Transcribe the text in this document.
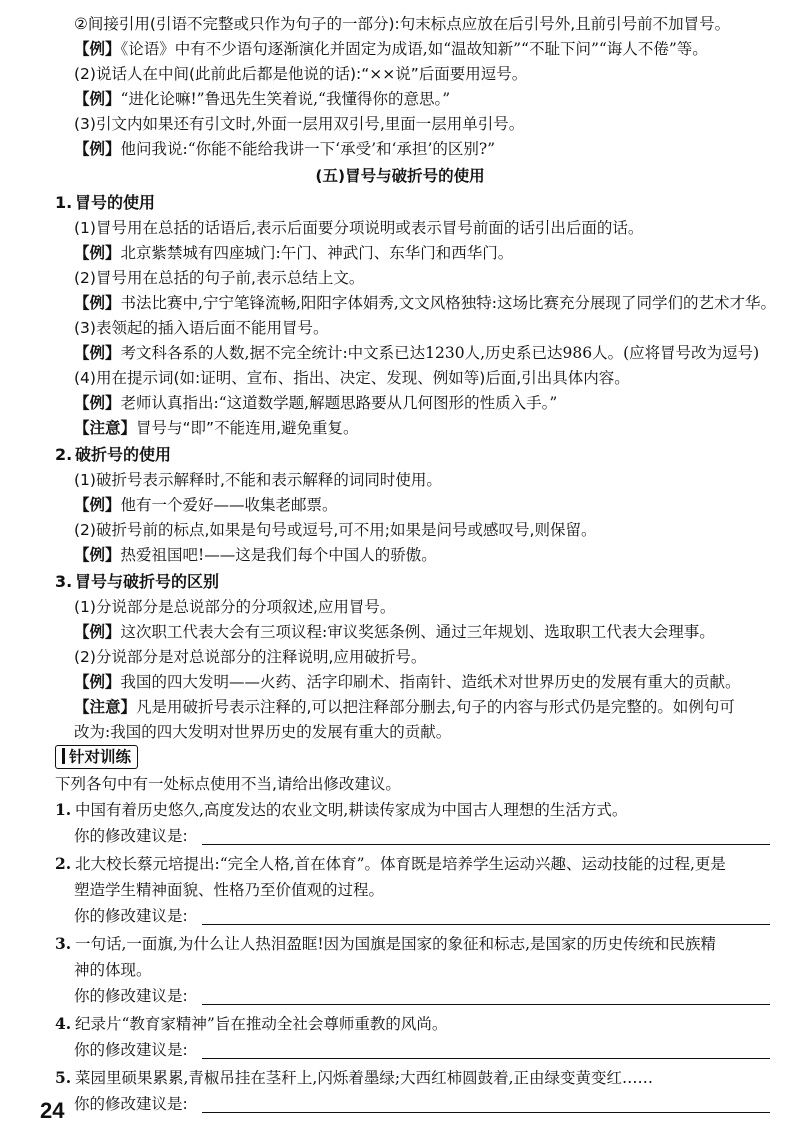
②间接引用(引语不完整或只作为句子的一部分):句末标点应放在后引号外,且前引号前不加冒号。
【例】《论语》中有不少语句逐渐演化并固定为成语,如“温故知新”“不耻下问”“诲人不倦”等。
(2)说话人在中间(此前此后都是他说的话):“××说”后面要用逗号。
【例】“进化论嘛!”鲁迅先生笑着说,“我懂得你的意思。”
(3)引文内如果还有引文时,外面一层用双引号,里面一层用单引号。
【例】他问我说:“你能不能给我讲一下‘承受’和‘承担’的区别?”
(五)冒号与破折号的使用
1. 冒号的使用
(1)冒号用在总括的话语后,表示后面要分项说明或表示冒号前面的话引出后面的话。
【例】北京紫禁城有四座城门:午门、神武门、东华门和西华门。
(2)冒号用在总括的句子前,表示总结上文。
【例】书法比赛中,宁宁笔锋流畅,阳阳字体娟秀,文文风格独特:这场比赛充分展现了同学们的艺术才华。
(3)表领起的插入语后面不能用冒号。
【例】考文科各系的人数,据不完全统计:中文系已达1230人,历史系已达986人。(应将冒号改为逗号)
(4)用在提示词(如:证明、宣布、指出、决定、发现、例如等)后面,引出具体内容。
【例】老师认真指出:“这道数学题,解题思路要从几何图形的性质入手。”
【注意】冒号与“即”不能连用,避免重复。
2. 破折号的使用
(1)破折号表示解释时,不能和表示解释的词同时使用。
【例】他有一个爱好——收集老邮票。
(2)破折号前的标点,如果是句号或逗号,可不用;如果是问号或感叹号,则保留。
【例】热爱祖国吧!——这是我们每个中国人的骄傲。
3. 冒号与破折号的区别
(1)分说部分是总说部分的分项叙述,应用冒号。
【例】这次职工代表大会有三项议程:审议奖惩条例、通过三年规划、选取职工代表大会理事。
(2)分说部分是对总说部分的注释说明,应用破折号。
【例】我国的四大发明——火药、活字印刷术、指南针、造纸术对世界历史的发展有重大的贡献。
【注意】凡是用破折号表示注释的,可以把注释部分删去,句子的内容与形式仍是完整的。如例句可
改为:我国的四大发明对世界历史的发展有重大的贡献。
针对训练
下列各句中有一处标点使用不当,请给出修改建议。
1. 中国有着历史悠久,高度发达的农业文明,耕读传家成为中国古人理想的生活方式。
你的修改建议是:
2. 北大校长蔡元培提出:“完全人格,首在体育”。体育既是培养学生运动兴趣、运动技能的过程,更是
塑造学生精神面貌、性格乃至价值观的过程。
你的修改建议是:
3. 一句话,一面旗,为什么让人热泪盈眶!因为国旗是国家的象征和标志,是国家的历史传统和民族精
神的体现。
你的修改建议是:
4. 纪录片“教育家精神”旨在推动全社会尊师重教的风尚。
你的修改建议是:
5. 菜园里硕果累累,青椒吊挂在茎秆上,闪烁着墨绿;大西红柿圆鼓着,正由绿变黄变红……
你的修改建议是:
24
